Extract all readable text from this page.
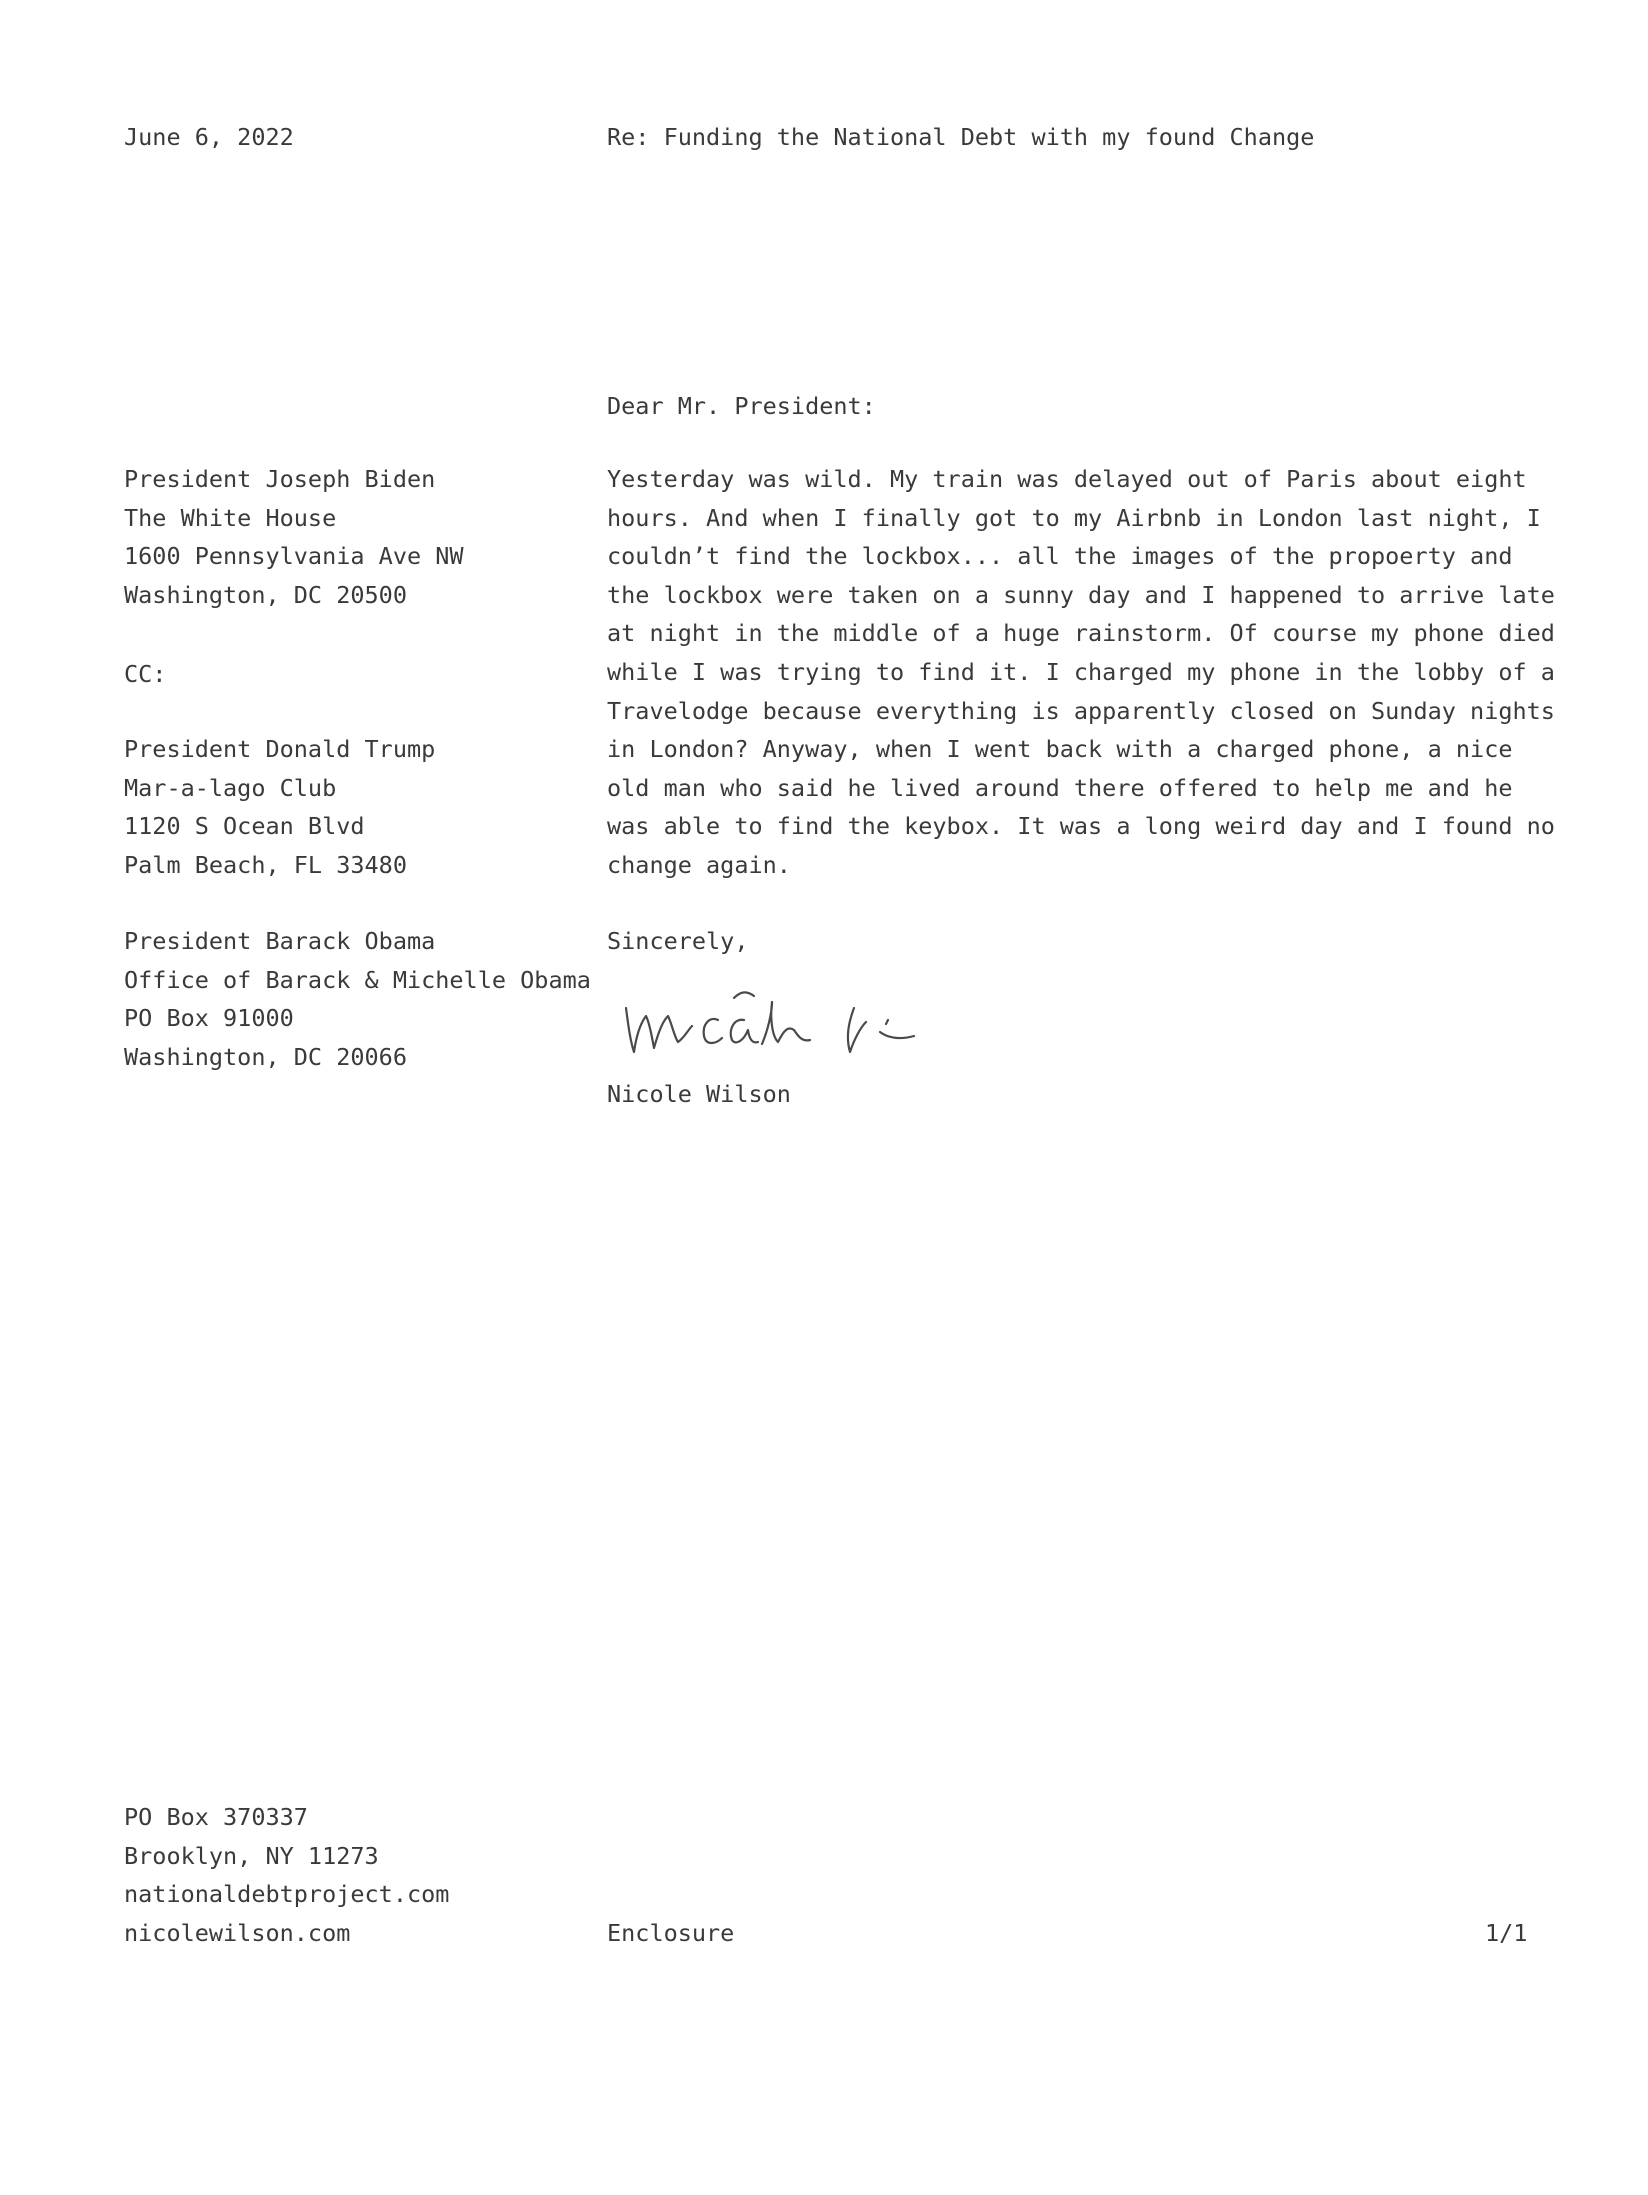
June 6, 2022	Re: Funding the National Debt with my found Change
Dear Mr. President:
President Joseph Biden
The White House
1600 Pennsylvania Ave NW
Washington, DC 20500
CC:
President Donald Trump
Mar-a-lago Club
1120 S Ocean Blvd
Palm Beach, FL 33480
President Barack Obama
Office of Barack & Michelle Obama
PO Box 91000
Washington, DC 20066
Yesterday was wild. My train was delayed out of Paris about eight
hours. And when I finally got to my Airbnb in London last night, I
couldn’t find the lockbox... all the images of the propoerty and
the lockbox were taken on a sunny day and I happened to arrive late
at night in the middle of a huge rainstorm. Of course my phone died
while I was trying to find it. I charged my phone in the lobby of a
Travelodge because everything is apparently closed on Sunday nights
in London? Anyway, when I went back with a charged phone, a nice
old man who said he lived around there offered to help me and he
was able to find the keybox. It was a long weird day and I found no
change again.
Sincerely,
Nicole Wilson
PO Box 370337
Brooklyn, NY 11273
nationaldebtproject.com
nicolewilson.com	Enclosure	1/1
